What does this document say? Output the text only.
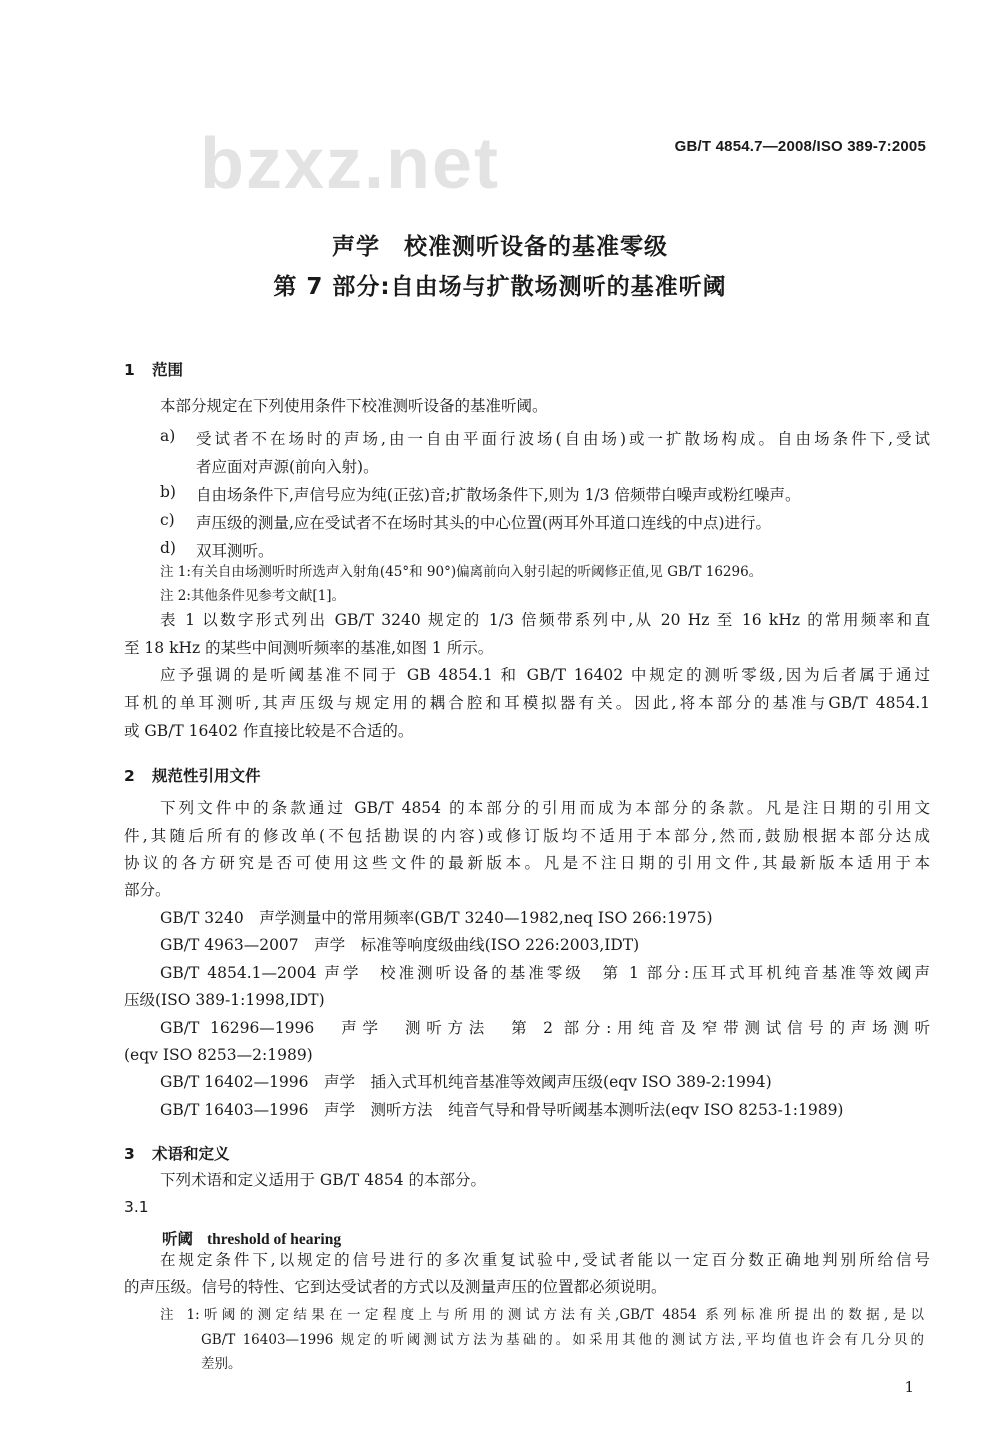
bzxz.net	GB/T 4854.7—2008/ISO 389-7:2005
声学　校准测听设备的基准零级
第 7 部分:自由场与扩散场测听的基准听阈
1 范围
本部分规定在下列使用条件下校准测听设备的基准听阈。
a) 受试者不在场时的声场,由一自由平面行波场(自由场)或一扩散场构成。自由场条件下,受试
者应面对声源(前向入射)。
b) 自由场条件下,声信号应为纯(正弦)音;扩散场条件下,则为 1/3 倍频带白噪声或粉红噪声。
c) 声压级的测量,应在受试者不在场时其头的中心位置(两耳外耳道口连线的中点)进行。
d) 双耳测听。
注 1:有关自由场测听时所选声入射角(45°和 90°)偏离前向入射引起的听阈修正值,见 GB/T 16296。
注 2:其他条件见参考文献[1]。
表 1 以数字形式列出 GB/T 3240 规定的 1/3 倍频带系列中,从 20 Hz 至 16 kHz 的常用频率和直
至 18 kHz 的某些中间测听频率的基准,如图 1 所示。
应予强调的是听阈基准不同于 GB 4854.1 和 GB/T 16402 中规定的测听零级,因为后者属于通过
耳机的单耳测听,其声压级与规定用的耦合腔和耳模拟器有关。因此,将本部分的基准与GB/T 4854.1
或 GB/T 16402 作直接比较是不合适的。
2 规范性引用文件
下列文件中的条款通过 GB/T 4854 的本部分的引用而成为本部分的条款。凡是注日期的引用文
件,其随后所有的修改单(不包括勘误的内容)或修订版均不适用于本部分,然而,鼓励根据本部分达成
协议的各方研究是否可使用这些文件的最新版本。凡是不注日期的引用文件,其最新版本适用于本
部分。
GB/T 3240　声学测量中的常用频率(GB/T 3240—1982,neq ISO 266:1975)
GB/T 4963—2007　声学　标准等响度级曲线(ISO 226:2003,IDT)
GB/T 4854.1—2004 声学　校准测听设备的基准零级　第 1 部分:压耳式耳机纯音基准等效阈声
压级(ISO 389-1:1998,IDT)
GB/T 16296—1996　声学　测听方法　第 2 部分:用纯音及窄带测试信号的声场测听
(eqv ISO 8253—2:1989)
GB/T 16402—1996　声学　插入式耳机纯音基准等效阈声压级(eqv ISO 389-2:1994)
GB/T 16403—1996　声学　测听方法　纯音气导和骨导听阈基本测听法(eqv ISO 8253-1:1989)
3 术语和定义
下列术语和定义适用于 GB/T 4854 的本部分。
3.1
听阈 threshold of hearing
在规定条件下,以规定的信号进行的多次重复试验中,受试者能以一定百分数正确地判别所给信号
的声压级。信号的特性、它到达受试者的方式以及测量声压的位置都必须说明。
注 1:听阈的测定结果在一定程度上与所用的测试方法有关,GB/T 4854 系列标准所提出的数据,是以
GB/T 16403—1996 规定的听阈测试方法为基础的。如采用其他的测试方法,平均值也许会有几分贝的
差别。
1
